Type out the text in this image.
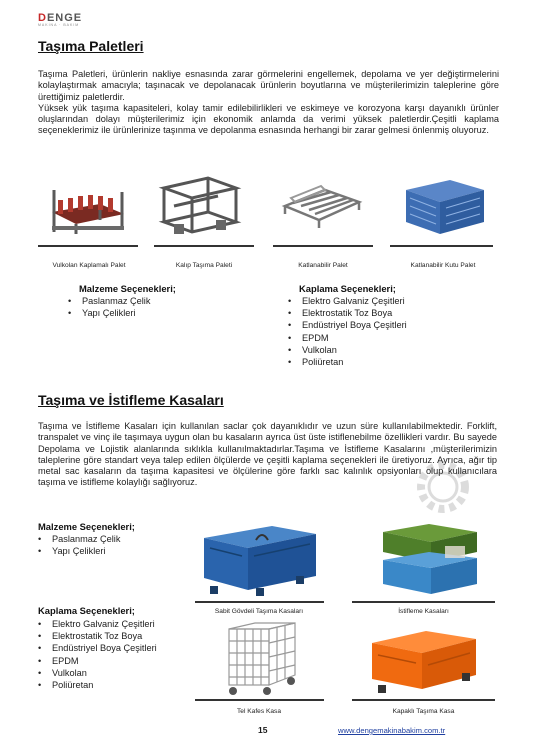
DENGE
MAKİNA · BAKIM
Taşıma Paletleri
Taşıma Paletleri, ürünlerin nakliye esnasında zarar görmelerini engellemek, depolama ve yer değiştirmelerini kolaylaştırmak amacıyla; taşınacak ve depolanacak ürünlerin boyutlarına ve müşterilerimizin taleplerine göre ürettiğimiz paletlerdir.
Yüksek yük taşıma kapasiteleri, kolay tamir edilebilirlikleri ve eskimeye ve korozyona karşı dayanıklı ürünler oluşlarından dolayı müşterilerimiz için ekonomik anlamda da verimi yüksek paletlerdir.Çeşitli kaplama seçeneklerimiz ile ürünlerinize taşınma ve depolanma esnasında herhangi bir zarar gelmesi önlenmiş oluyoruz.
Vulkolan Kaplamalı Palet	Kalıp Taşıma Paleti	Katlanabilir Palet	Katlanabilir Kutu Palet
Malzeme Seçenekleri;
• Paslanmaz Çelik
• Yapı Çelikleri
Kaplama Seçenekleri;
• Elektro Galvaniz Çeşitleri
• Elektrostatik Toz Boya
• Endüstriyel Boya Çeşitleri
• EPDM
• Vulkolan
• Poliüretan
Taşıma ve İstifleme Kasaları
Taşıma ve İstifleme Kasaları için kullanılan saclar çok dayanıklıdır ve uzun süre kullanılabilmektedir. Forklift, transpalet ve vinç ile taşımaya uygun olan bu kasaların ayrıca üst üste istiflenebilme özellikleri vardır. Bu sayede Depolama ve Lojistik alanlarında sıklıkla kullanılmaktadırlar.Taşıma ve İstifleme Kasalarını ,müşterilerimizin taleplerine göre standart veya talep edilen ölçülerde ve çeşitli kaplama seçenekleri ile üretiyoruz. Ayrıca, ağır tip metal sac kasaların da taşıma kapasitesi ve ölçülerine göre farklı sac kalınlık opsiyonları olup kullanıcılara taşıma ve istifleme kolaylığı sağlıyoruz.
Malzeme Seçenekleri;
• Paslanmaz Çelik
• Yapı Çelikleri
Kaplama Seçenekleri;
• Elektro Galvaniz Çeşitleri
• Elektrostatik Toz Boya
• Endüstriyel Boya Çeşitleri
• EPDM
• Vulkolan
• Poliüretan
Sabit Gövdeli Taşıma Kasaları	İstifleme Kasaları
Tel Kafes Kasa	Kapaklı Taşıma Kasa
15	www.dengemakinabakim.com.tr
